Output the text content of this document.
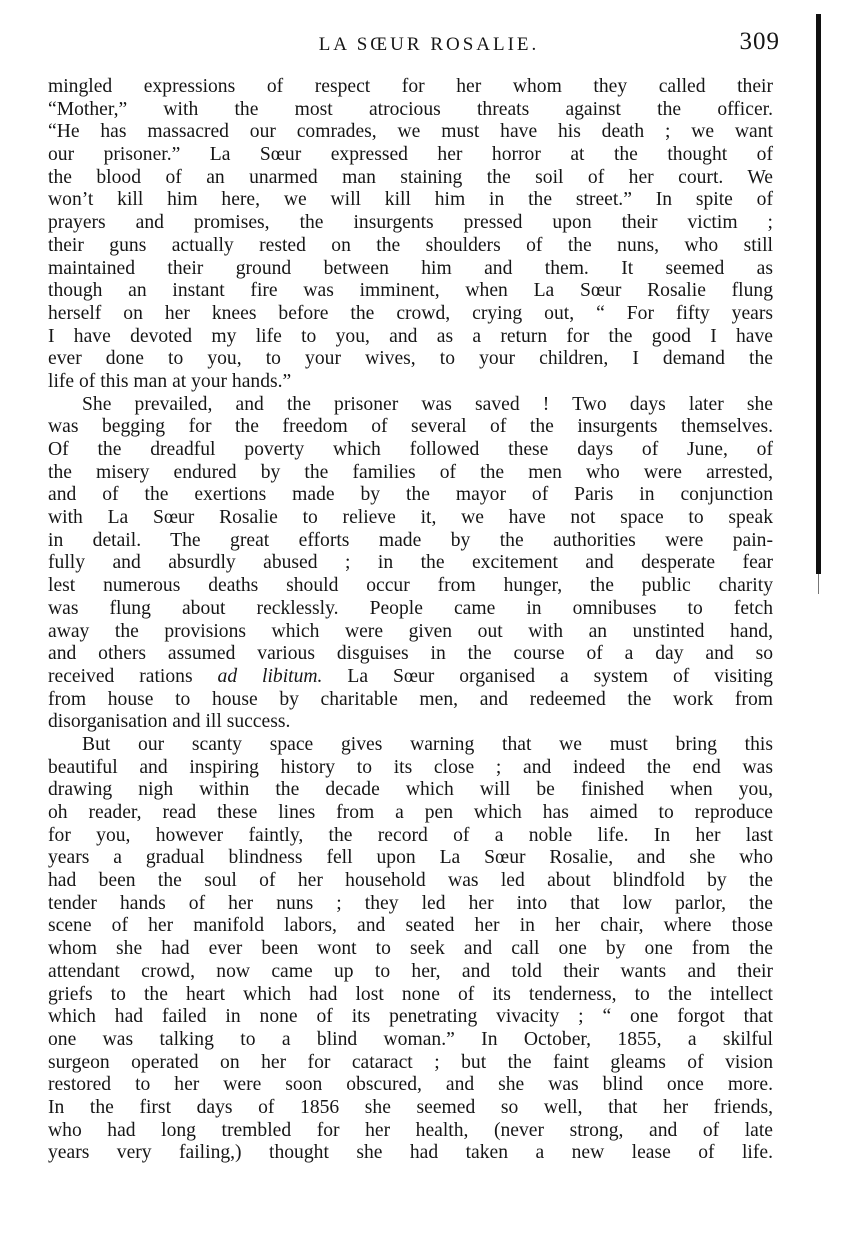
LA SŒUR ROSALIE.	309
mingled expressions of respect for her whom they called their
“Mother,” with the most atrocious threats against the officer.
“He has massacred our comrades, we must have his death ; we want
our prisoner.” La Sœur expressed her horror at the thought of
the blood of an unarmed man staining the soil of her court. We
won’t kill him here, we will kill him in the street.” In spite of
prayers and promises, the insurgents pressed upon their victim ;
their guns actually rested on the shoulders of the nuns, who still
maintained their ground between him and them. It seemed as
though an instant fire was imminent, when La Sœur Rosalie flung
herself on her knees before the crowd, crying out, “ For fifty years
I have devoted my life to you, and as a return for the good I have
ever done to you, to your wives, to your children, I demand the
life of this man at your hands.”
She prevailed, and the prisoner was saved ! Two days later she
was begging for the freedom of several of the insurgents themselves.
Of the dreadful poverty which followed these days of June, of
the misery endured by the families of the men who were arrested,
and of the exertions made by the mayor of Paris in conjunction
with La Sœur Rosalie to relieve it, we have not space to speak
in detail. The great efforts made by the authorities were pain-
fully and absurdly abused ; in the excitement and desperate fear
lest numerous deaths should occur from hunger, the public charity
was flung about recklessly. People came in omnibuses to fetch
away the provisions which were given out with an unstinted hand,
and others assumed various disguises in the course of a day and so
received rations ad libitum. La Sœur organised a system of visiting
from house to house by charitable men, and redeemed the work from
disorganisation and ill success.
But our scanty space gives warning that we must bring this
beautiful and inspiring history to its close ; and indeed the end was
drawing nigh within the decade which will be finished when you,
oh reader, read these lines from a pen which has aimed to reproduce
for you, however faintly, the record of a noble life. In her last
years a gradual blindness fell upon La Sœur Rosalie, and she who
had been the soul of her household was led about blindfold by the
tender hands of her nuns ; they led her into that low parlor, the
scene of her manifold labors, and seated her in her chair, where those
whom she had ever been wont to seek and call one by one from the
attendant crowd, now came up to her, and told their wants and their
griefs to the heart which had lost none of its tenderness, to the intellect
which had failed in none of its penetrating vivacity ; “ one forgot that
one was talking to a blind woman.” In October, 1855, a skilful
surgeon operated on her for cataract ; but the faint gleams of vision
restored to her were soon obscured, and she was blind once more.
In the first days of 1856 she seemed so well, that her friends,
who had long trembled for her health, (never strong, and of late
years very failing,) thought she had taken a new lease of life.
